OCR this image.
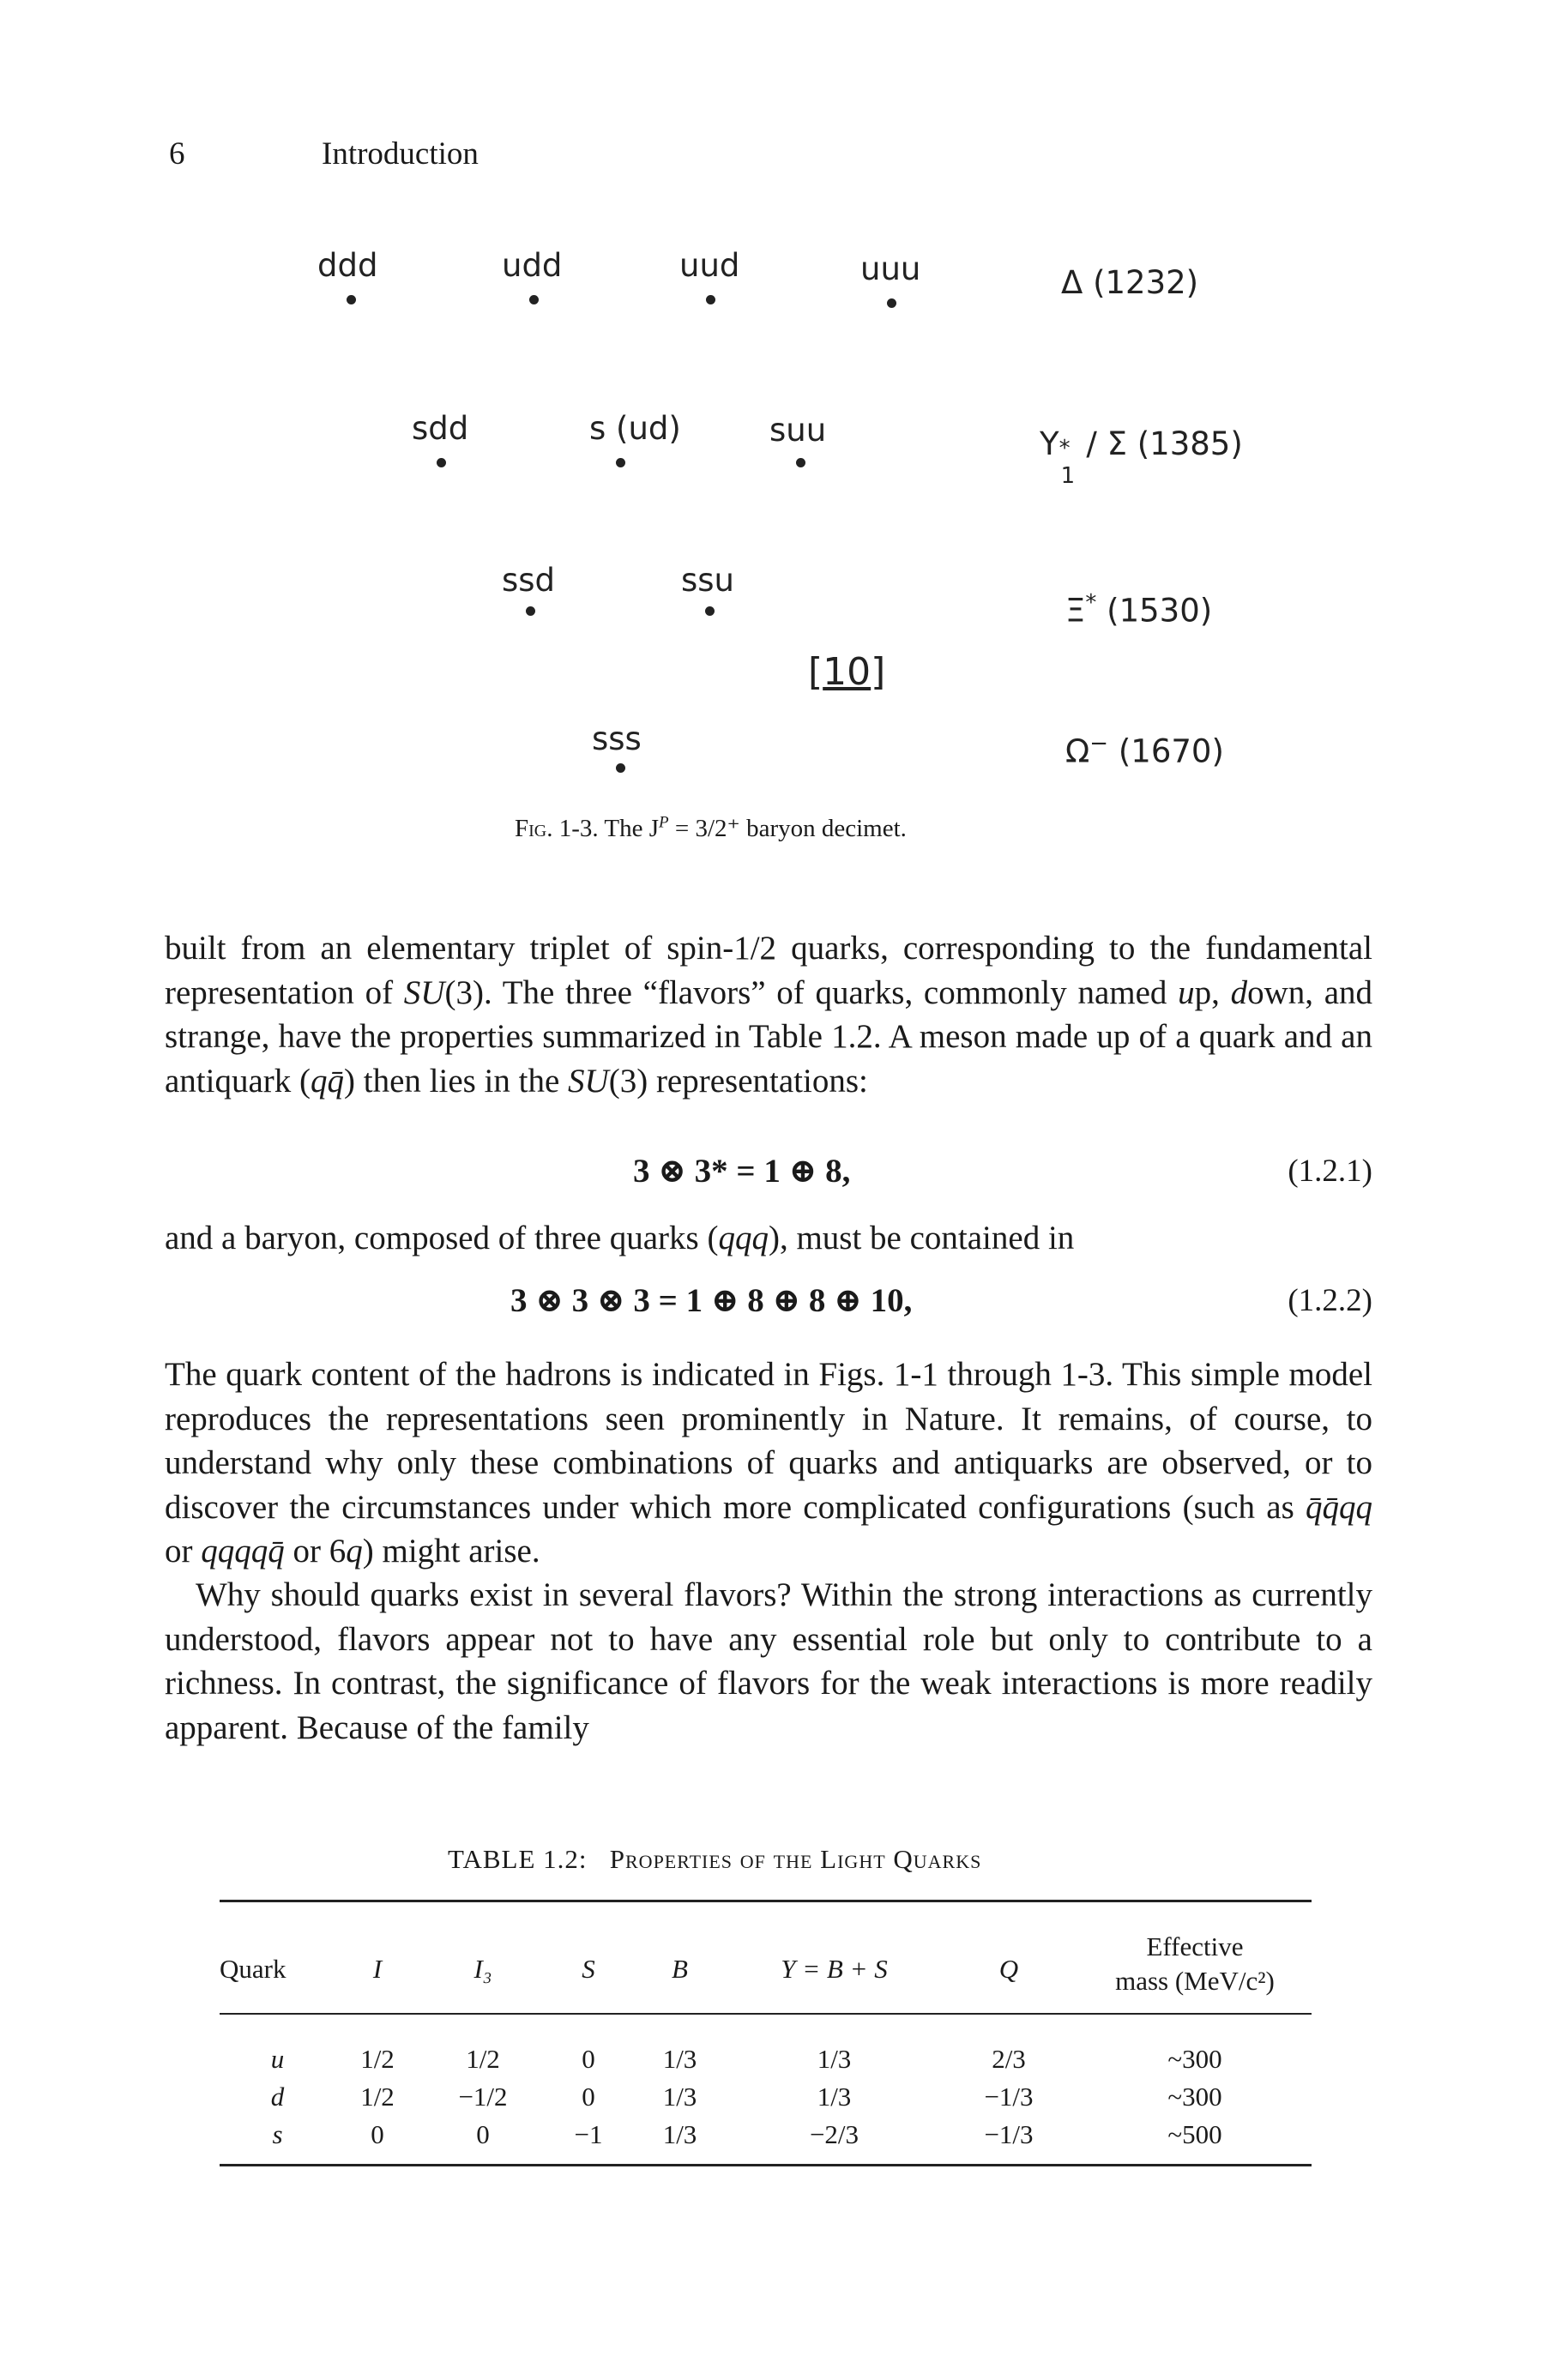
6	Introduction
ddd	udd	uud	uuu	Δ (1232)
sdd	s (ud)	suu	Y *
1
/ Σ (1385)
ssd	ssu
Ξ* (1530)
[10]
sss	Ω− (1670)
Fig. 1-3. The $J^P = 3/2^+$ baryon decimet.
built from an elementary triplet of spin-1/2 quarks, corresponding to the fundamental representation of SU(3). The three “flavors” of quarks, commonly named up, down, and strange, have the properties summarized in Table 1.2. A meson made up of a quark and an antiquark (qq̄) then lies in the SU(3) representations:
3 ⊗ 3* = 1 ⊕ 8,	(1.2.1)
and a baryon, composed of three quarks (qqq), must be contained in
3 ⊗ 3 ⊗ 3 = 1 ⊕ 8 ⊕ 8 ⊕ 10,	(1.2.2)
The quark content of the hadrons is indicated in Figs. 1-1 through 1-3. This simple model reproduces the representations seen prominently in Nature. It remains, of course, to understand why only these combinations of quarks and antiquarks are observed, or to discover the circumstances under which more complicated configurations (such as q̄q̄qq or qqqqq̄ or 6q) might arise.
Why should quarks exist in several flavors? Within the strong interactions as currently understood, flavors appear not to have any essential role but only to contribute to a richness. In contrast, the significance of flavors for the weak interactions is more readily apparent. Because of the family
TABLE 1.2: Properties of the Light Quarks
Quark	I	I₃	S	B	Y = B + S	Q	Effective
mass (MeV/c²)

u	1/2	1/2	0	1/3	1/3	2/3	~300
d	1/2	−1/2	0	1/3	1/3	−1/3	~300
s	0	0	−1	1/3	−2/3	−1/3	~500
